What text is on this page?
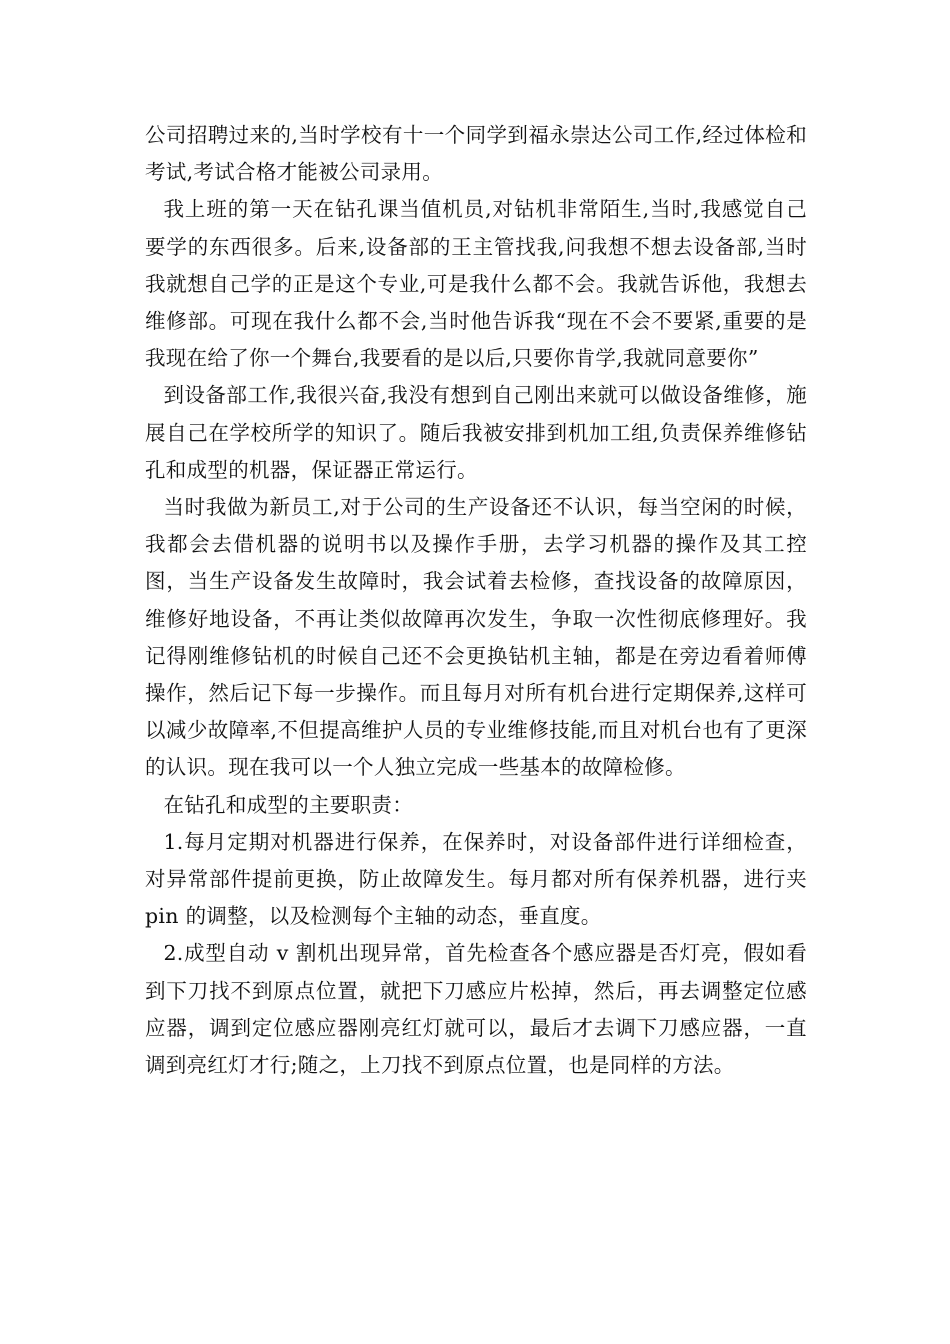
公司招聘过来的,当时学校有十一个同学到福永崇达公司工作,经过体检和考试,考试合格才能被公司录用。

我上班的第一天在钻孔课当值机员,对钻机非常陌生,当时,我感觉自己要学的东西很多。后来,设备部的王主管找我,问我想不想去设备部,当时我就想自己学的正是这个专业,可是我什么都不会。我就告诉他，我想去维修部。可现在我什么都不会,当时他告诉我“现在不会不要紧,重要的是我现在给了你一个舞台,我要看的是以后,只要你肯学,我就同意要你”

到设备部工作,我很兴奋,我没有想到自己刚出来就可以做设备维修，施展自己在学校所学的知识了。随后我被安排到机加工组,负责保养维修钻孔和成型的机器，保证器正常运行。

当时我做为新员工,对于公司的生产设备还不认识，每当空闲的时候，我都会去借机器的说明书以及操作手册，去学习机器的操作及其工控图，当生产设备发生故障时，我会试着去检修，查找设备的故障原因，维修好地设备，不再让类似故障再次发生，争取一次性彻底修理好。我记得刚维修钻机的时候自己还不会更换钻机主轴，都是在旁边看着师傅操作，然后记下每一步操作。而且每月对所有机台进行定期保养,这样可以减少故障率,不但提高维护人员的专业维修技能,而且对机台也有了更深的认识。现在我可以一个人独立完成一些基本的故障检修。

在钻孔和成型的主要职责：

1.每月定期对机器进行保养，在保养时，对设备部件进行详细检查，对异常部件提前更换，防止故障发生。每月都对所有保养机器，进行夹 pin 的调整，以及检测每个主轴的动态，垂直度。

2.成型自动 v 割机出现异常，首先检查各个感应器是否灯亮，假如看到下刀找不到原点位置，就把下刀感应片松掉，然后，再去调整定位感应器，调到定位感应器刚亮红灯就可以，最后才去调下刀感应器，一直调到亮红灯才行;随之，上刀找不到原点位置，也是同样的方法。
